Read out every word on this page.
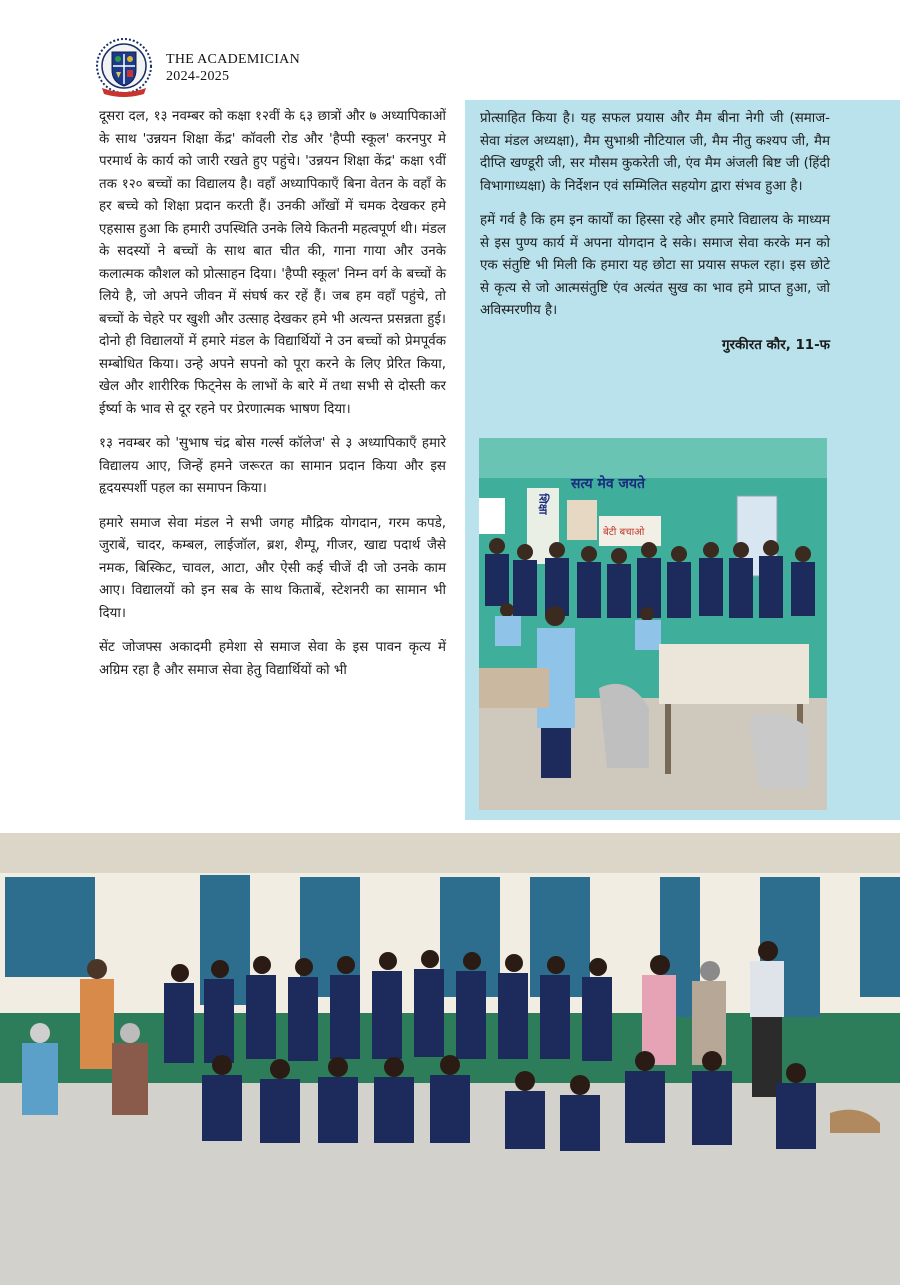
THE ACADEMICIAN
2024-2025

दूसरा दल, १३ नवम्बर को कक्षा १२वीं के ६३ छात्रों और ७ अध्यापिकाओं के साथ 'उन्नयन शिक्षा केंद्र' कॉवली रोड और 'हैप्पी स्कूल' करनपुर मे परमार्थ के कार्य को जारी रखते हुए पहुंचे। 'उन्नयन शिक्षा केंद्र' कक्षा ९वीं तक १२० बच्चों का विद्यालय है। वहाँ अध्यापिकाएँ बिना वेतन के वहाँ के हर बच्चे को शिक्षा प्रदान करती हैं। उनकी आँखों में चमक देखकर हमे एहसास हुआ कि हमारी उपस्थिति उनके लिये कितनी महत्वपूर्ण थी। मंडल के सदस्यों ने बच्चों के साथ बात चीत की, गाना गाया और उनके कलात्मक कौशल को प्रोत्साहन दिया। 'हैप्पी स्कूल' निम्न वर्ग के बच्चों के लिये है, जो अपने जीवन में संघर्ष कर रहें हैं। जब हम वहाँ पहुंचे, तो बच्चों के चेहरे पर खुशी और उत्साह देखकर हमे भी अत्यन्त प्रसन्नता हुई। दोनो ही विद्यालयों में हमारे मंडल के विद्यार्थियों ने उन बच्चों को प्रेमपूर्वक सम्बोधित किया। उन्हे अपने सपनो को पूरा करने के लिए प्रेरित किया, खेल और शारीरिक फिट्नेस के लाभों के बारे में तथा सभी से दोस्ती कर ईर्ष्या के भाव से दूर रहने पर प्रेरणात्मक भाषण दिया।

१३ नवम्बर को 'सुभाष चंद्र बोस गर्ल्स कॉलेज' से ३ अध्यापिकाएँ हमारे विद्यालय आए, जिन्हें हमने जरूरत का सामान प्रदान किया और इस हृदयस्पर्शी पहल का समापन किया।

हमारे समाज सेवा मंडल ने सभी जगह मौद्रिक योगदान, गरम कपडे, जुराबें, चादर, कम्बल, लाईजॉल, ब्रश, शैम्पू, गीजर, खाद्य पदार्थ जैसे नमक, बिस्किट, चावल, आटा, और ऐसी कई चीजें दी जो उनके काम आए। विद्यालयों को इन सब के साथ किताबें, स्टेशनरी का सामान भी दिया।

सेंट जोजफ्स अकादमी हमेशा से समाज सेवा के इस पावन कृत्य में अग्रिम रहा है और समाज सेवा हेतु विद्यार्थियों को भी

प्रोत्साहित किया है। यह सफल प्रयास और मैम बीना नेगी जी (समाज-सेवा मंडल अध्यक्षा), मैम सुभाश्री नौटियाल जी, मैम नीतु कश्यप जी, मैम दीप्ति खण्डूरी जी, सर मौसम कुकरेती जी, एंव मैम अंजली बिष्ट जी (हिंदी विभागाध्यक्षा) के निर्देशन एवं सम्मिलित सहयोग द्वारा संभव हुआ है।

हमें गर्व है कि हम इन कार्यों का हिस्सा रहे और हमारे विद्यालय के माध्यम से इस पुण्य कार्य में अपना योगदान दे सके। समाज सेवा करके मन को एक संतुष्टि भी मिली कि हमारा यह छोटा सा प्रयास सफल रहा। इस छोटे से कृत्य से जो आत्मसंतुष्टि एंव अत्यंत सुख का भाव हमे प्राप्त हुआ, जो अविस्मरणीय है।

गुरकीरत कौर, 11-फ
सत्य मेव जयते
शिक्षा
बेटी बचाओ
